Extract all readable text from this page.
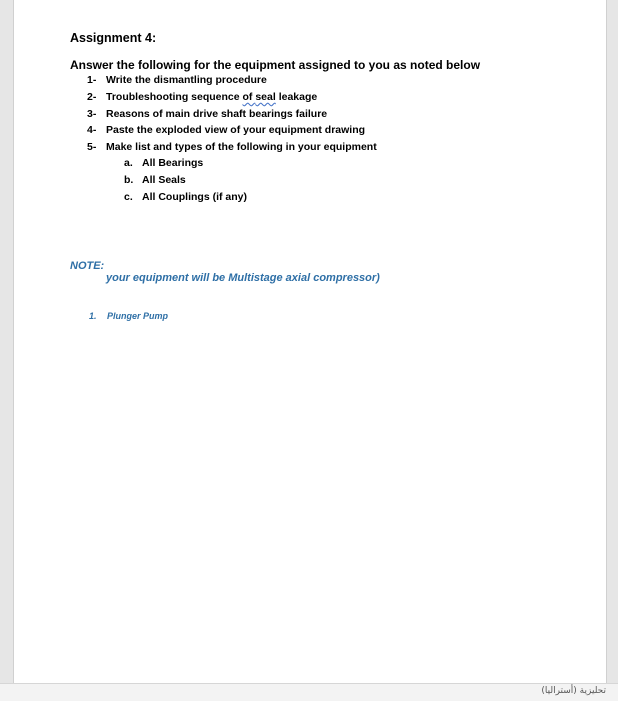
Assignment 4:
Answer the following for the equipment assigned to you as noted below
1- Write the dismantling procedure
2- Troubleshooting sequence of seal leakage
3- Reasons of main drive shaft bearings failure
4- Paste the exploded view of your equipment drawing
5- Make list and types of the following in your equipment
a. All Bearings
b. All Seals
c. All Couplings (if any)
NOTE:
your equipment will be Multistage axial compressor)
1. Plunger Pump
تحليزية (أستراليا)
